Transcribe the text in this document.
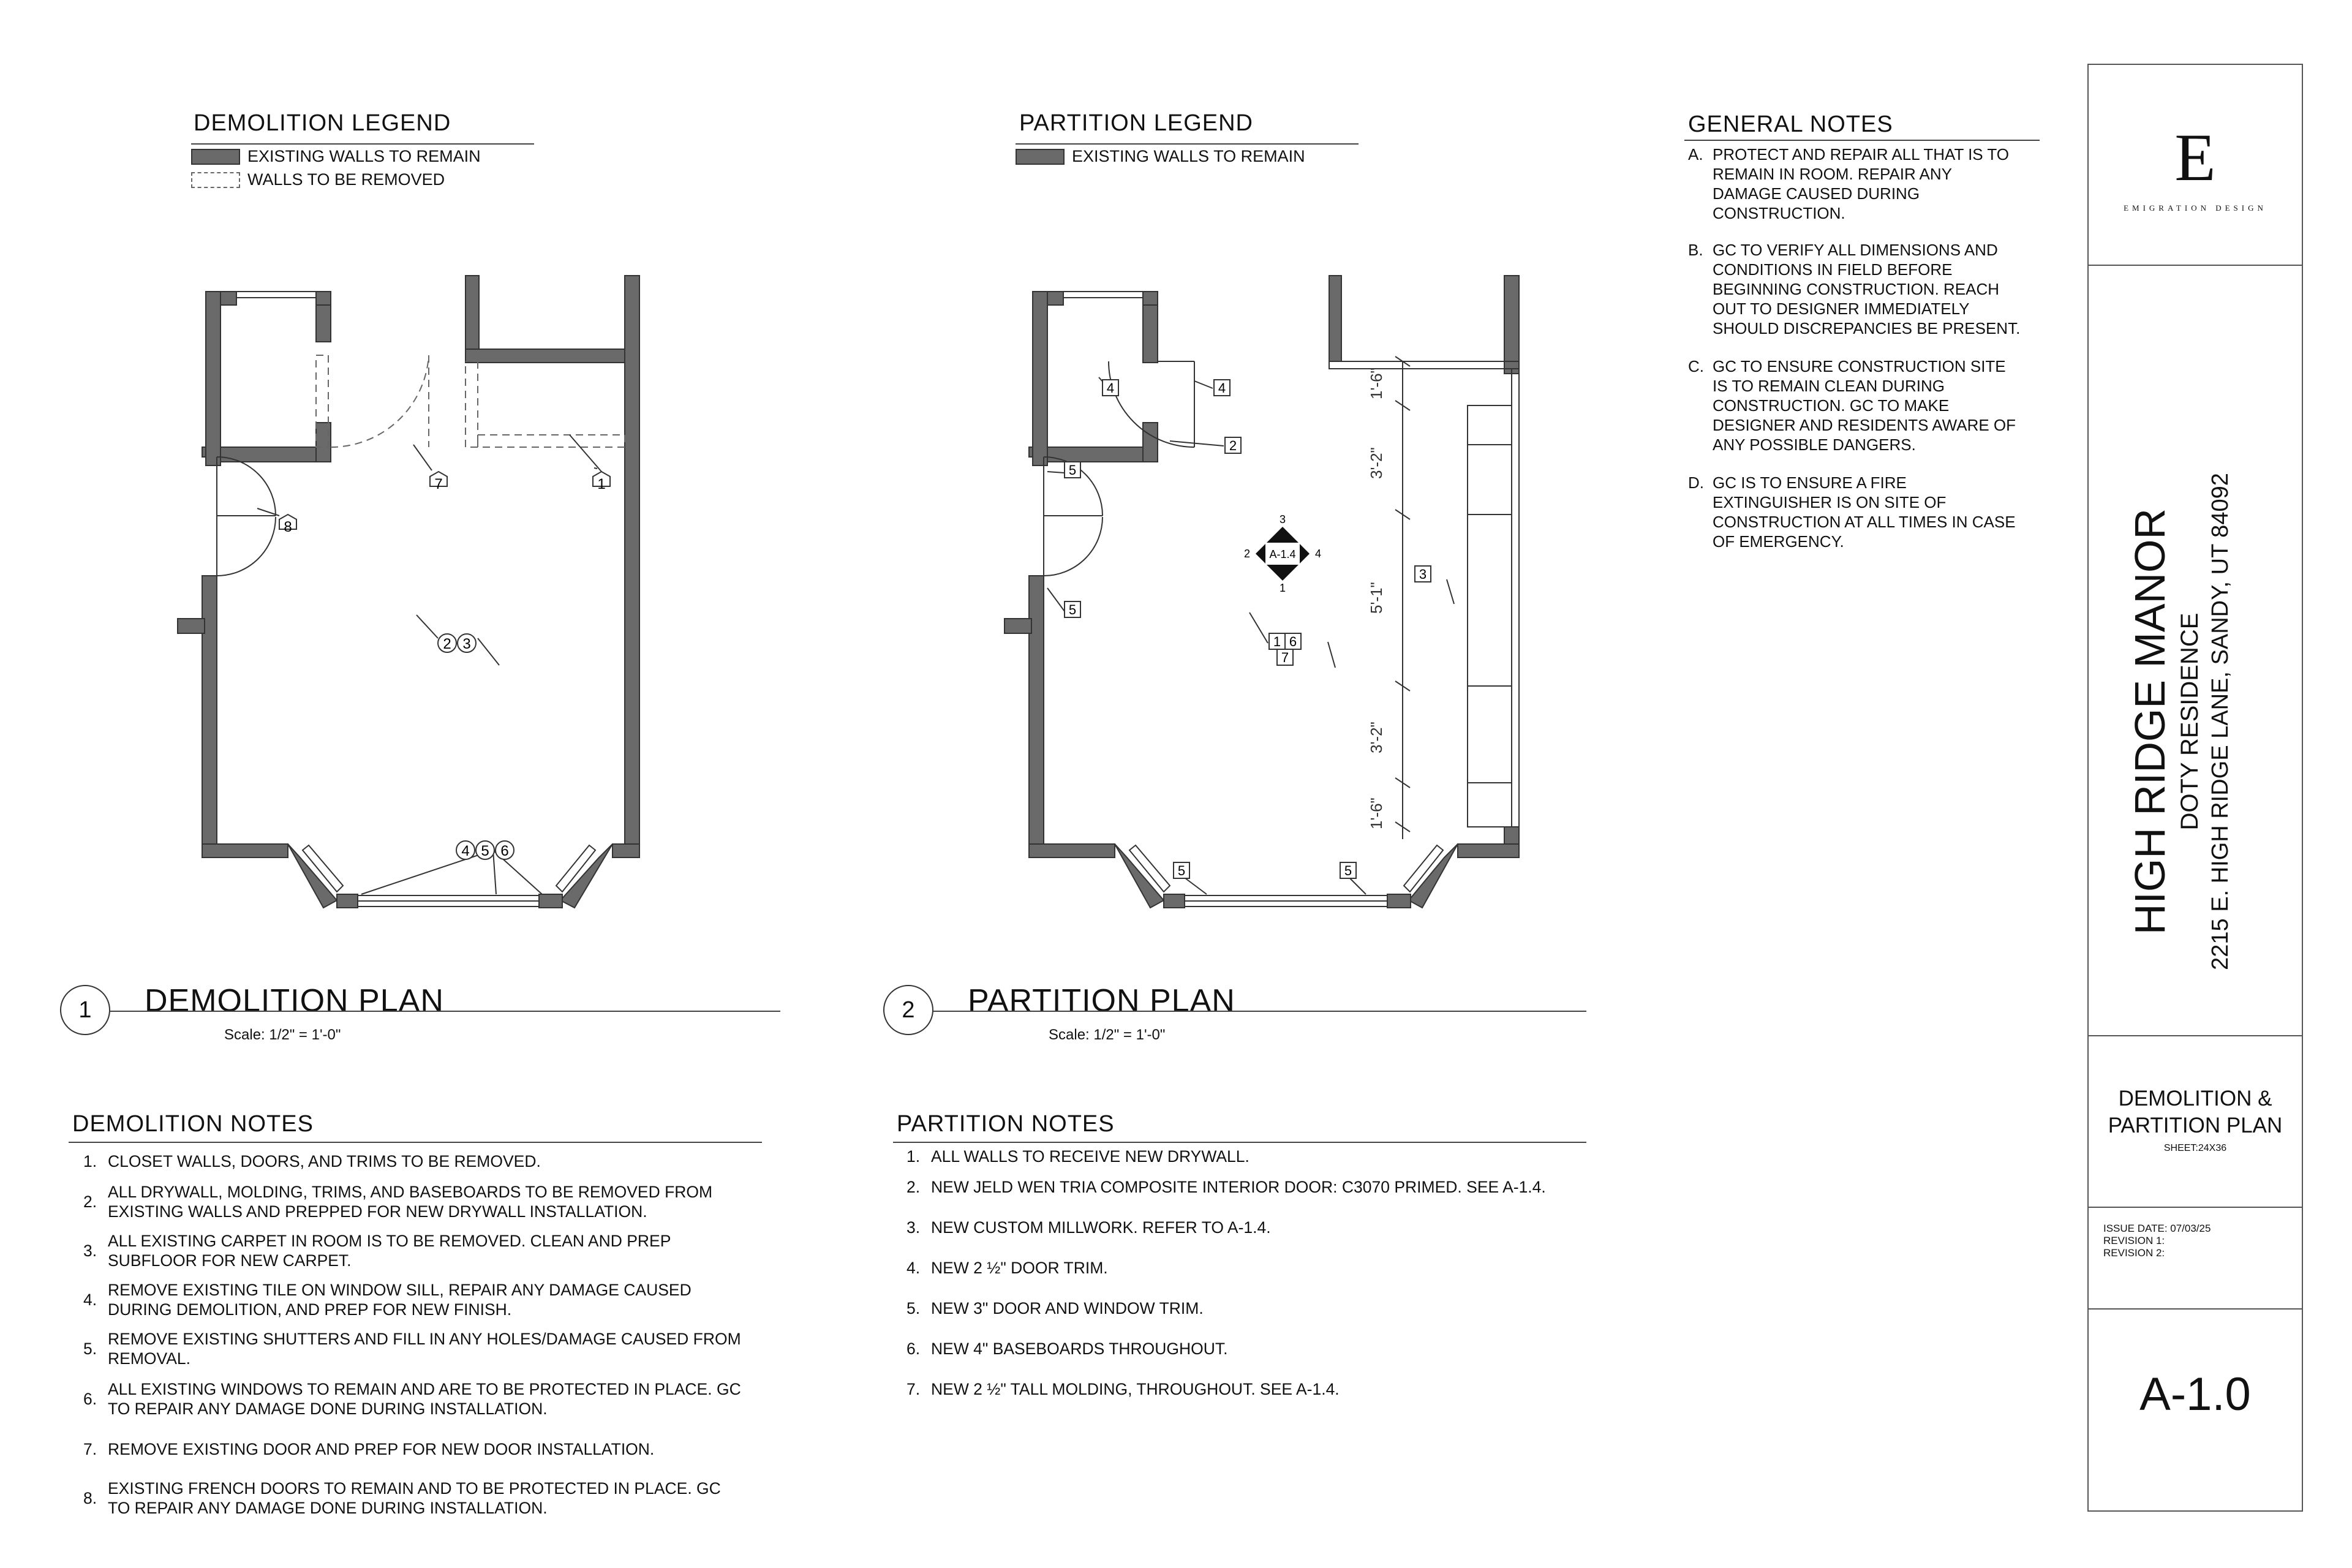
DEMOLITION LEGEND
EXISTING WALLS TO REMAIN
WALLS TO BE REMOVED
PARTITION LEGEND
EXISTING WALLS TO REMAIN
GENERAL NOTES
A. PROTECT AND REPAIR ALL THAT IS TO
REMAIN IN ROOM. REPAIR ANY
DAMAGE CAUSED DURING
CONSTRUCTION.
B. GC TO VERIFY ALL DIMENSIONS AND
CONDITIONS IN FIELD BEFORE
BEGINNING CONSTRUCTION. REACH
OUT TO DESIGNER IMMEDIATELY
SHOULD DISCREPANCIES BE PRESENT.
C. GC TO ENSURE CONSTRUCTION SITE
IS TO REMAIN CLEAN DURING
CONSTRUCTION. GC TO MAKE
DESIGNER AND RESIDENTS AWARE OF
ANY POSSIBLE DANGERS.
D. GC IS TO ENSURE A FIRE
EXTINGUISHER IS ON SITE OF
CONSTRUCTION AT ALL TIMES IN CASE
OF EMERGENCY.
1
7
8
2 3
4 5 6
1'-6"
3'-2"
5'-1"
3'-2"
1'-6"
4	4
2
5
5
3
1 6
7
5	5
A-1.4
3
2	4
1
1	DEMOLITION PLAN
Scale: 1/2" = 1'-0"
2	PARTITION PLAN
Scale: 1/2" = 1'-0"
DEMOLITION NOTES
1. CLOSET WALLS, DOORS, AND TRIMS TO BE REMOVED.
2.
ALL DRYWALL, MOLDING, TRIMS, AND BASEBOARDS TO BE REMOVED FROM
EXISTING WALLS AND PREPPED FOR NEW DRYWALL INSTALLATION.
3.
ALL EXISTING CARPET IN ROOM IS TO BE REMOVED. CLEAN AND PREP
SUBFLOOR FOR NEW CARPET.
4.
REMOVE EXISTING TILE ON WINDOW SILL, REPAIR ANY DAMAGE CAUSED
DURING DEMOLITION, AND PREP FOR NEW FINISH.
5.
REMOVE EXISTING SHUTTERS AND FILL IN ANY HOLES/DAMAGE CAUSED FROM
REMOVAL.
6.
ALL EXISTING WINDOWS TO REMAIN AND ARE TO BE PROTECTED IN PLACE. GC
TO REPAIR ANY DAMAGE DONE DURING INSTALLATION.
7. REMOVE EXISTING DOOR AND PREP FOR NEW DOOR INSTALLATION.
8.
EXISTING FRENCH DOORS TO REMAIN AND TO BE PROTECTED IN PLACE. GC
TO REPAIR ANY DAMAGE DONE DURING INSTALLATION.
PARTITION NOTES
1. ALL WALLS TO RECEIVE NEW DRYWALL.
2. NEW JELD WEN TRIA COMPOSITE INTERIOR DOOR: C3070 PRIMED. SEE A-1.4.
3. NEW CUSTOM MILLWORK. REFER TO A-1.4.
4. NEW 2 ½" DOOR TRIM.
5. NEW 3" DOOR AND WINDOW TRIM.
6. NEW 4" BASEBOARDS THROUGHOUT.
7. NEW 2 ½" TALL MOLDING, THROUGHOUT. SEE A-1.4.
E
EMIGRATION DESIGN
HIGH RIDGE MANOR DOTY RESIDENCE 2215 E. HIGH RIDGE LANE, SANDY, UT 84092
DEMOLITION &
PARTITION PLAN
SHEET:24X36
ISSUE DATE: 07/03/25
REVISION 1:
REVISION 2:
A-1.0
